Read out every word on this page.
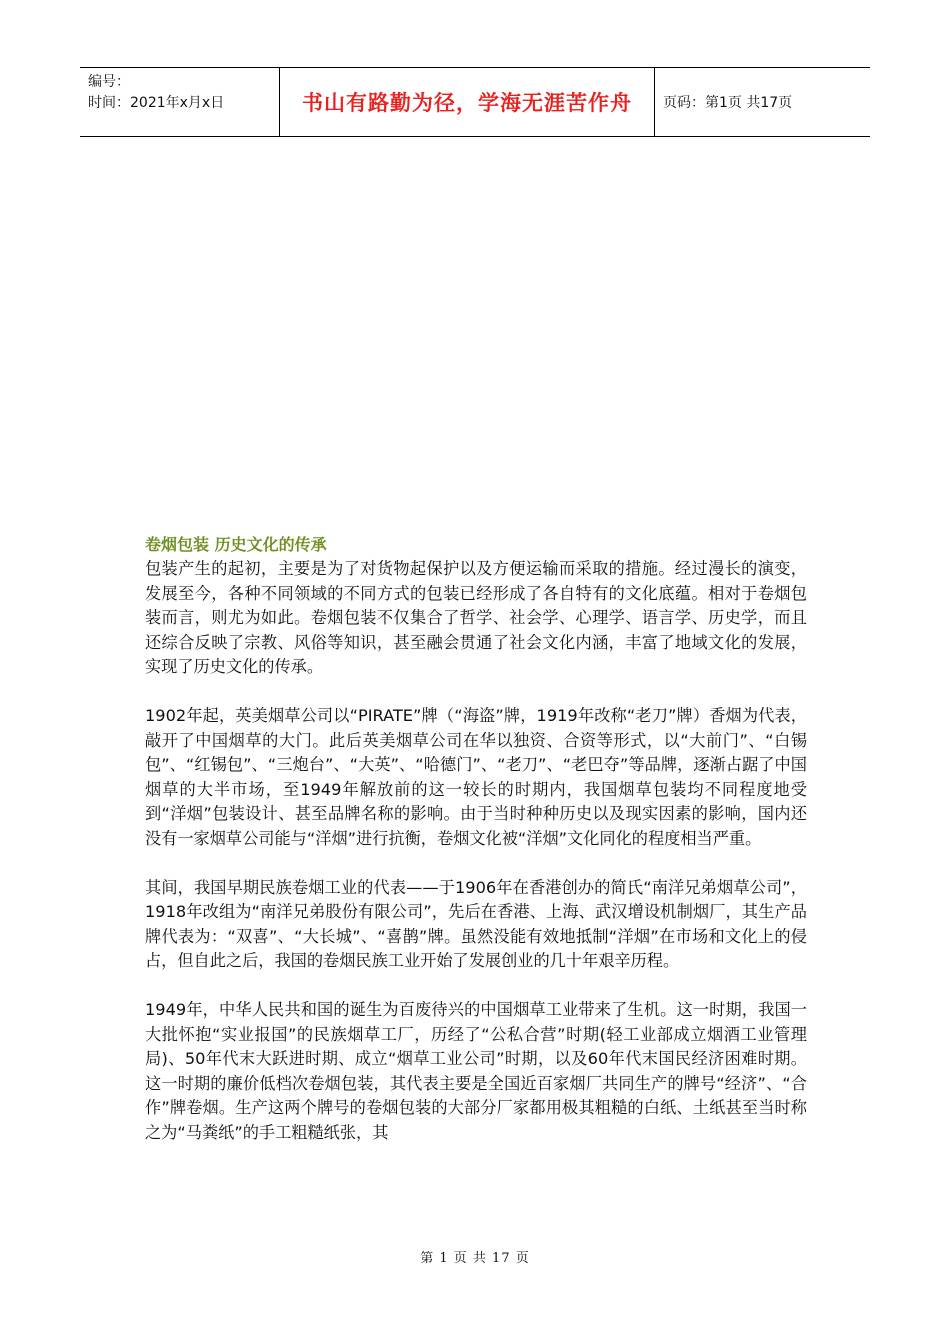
编号：
时间：2021年x月x日	书山有路勤为径，学海无涯苦作舟 页码：第1页 共17页

卷烟包装 历史文化的传承

包装产生的起初，主要是为了对货物起保护以及方便运输而采取的措施。经过漫长的演变，发展至今，各种不同领域的不同方式的包装已经形成了各自特有的文化底蕴。相对于卷烟包装而言，则尤为如此。卷烟包装不仅集合了哲学、社会学、心理学、语言学、历史学，而且还综合反映了宗教、风俗等知识，甚至融会贯通了社会文化内涵，丰富了地域文化的发展，实现了历史文化的传承。

1902年起，英美烟草公司以“PIRATE”牌（“海盗”牌，1919年改称“老刀”牌）香烟为代表，敲开了中国烟草的大门。此后英美烟草公司在华以独资、合资等形式，以“大前门”、“白锡包”、“红锡包”、“三炮台”、“大英”、“哈德门”、“老刀”、“老巴夺”等品牌，逐渐占踞了中国烟草的大半市场，至1949年解放前的这一较长的时期内，我国烟草包装均不同程度地受到“洋烟”包装设计、甚至品牌名称的影响。由于当时种种历史以及现实因素的影响，国内还没有一家烟草公司能与“洋烟”进行抗衡，卷烟文化被“洋烟”文化同化的程度相当严重。

其间，我国早期民族卷烟工业的代表——于1906年在香港创办的简氏“南洋兄弟烟草公司”，1918年改组为“南洋兄弟股份有限公司”，先后在香港、上海、武汉增设机制烟厂，其生产品牌代表为：“双喜”、“大长城”、“喜鹊”牌。虽然没能有效地抵制“洋烟”在市场和文化上的侵占，但自此之后，我国的卷烟民族工业开始了发展创业的几十年艰辛历程。

1949年，中华人民共和国的诞生为百废待兴的中国烟草工业带来了生机。这一时期，我国一大批怀抱“实业报国”的民族烟草工厂，历经了“公私合营”时期(轻工业部成立烟酒工业管理局)、50年代末大跃进时期、成立“烟草工业公司”时期，以及60年代末国民经济困难时期。这一时期的廉价低档次卷烟包装，其代表主要是全国近百家烟厂共同生产的牌号“经济”、“合作”牌卷烟。生产这两个牌号的卷烟包装的大部分厂家都用极其粗糙的白纸、土纸甚至当时称之为“马粪纸”的手工粗糙纸张，其

第 1 页 共 17 页
